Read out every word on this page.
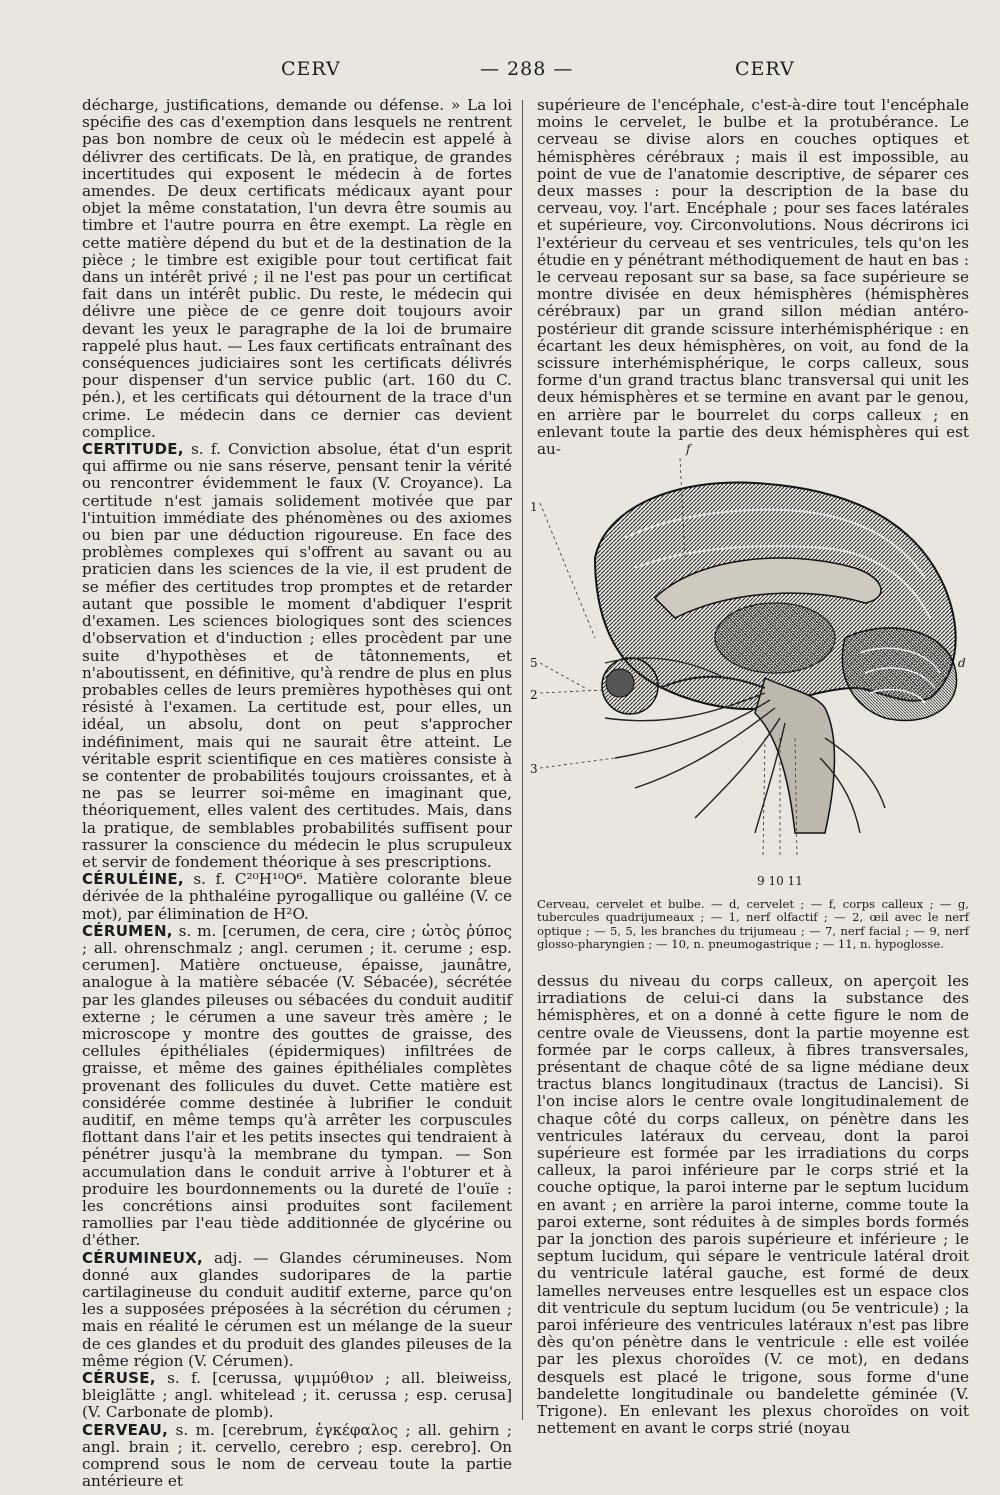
CERV	— 288 —	CERV

décharge, justifications, demande ou défense. » La loi spécifie des cas d'exemption dans lesquels ne rentrent pas bon nombre de ceux où le médecin est appelé à délivrer des certificats. De là, en pratique, de grandes incertitudes qui exposent le médecin à de fortes amendes. De deux certificats médicaux ayant pour objet la même constatation, l'un devra être soumis au timbre et l'autre pourra en être exempt. La règle en cette matière dépend du but et de la destination de la pièce ; le timbre est exigible pour tout certificat fait dans un intérêt privé ; il ne l'est pas pour un certificat fait dans un intérêt public. Du reste, le médecin qui délivre une pièce de ce genre doit toujours avoir devant les yeux le paragraphe de la loi de brumaire rappelé plus haut. — Les faux certificats entraînant des conséquences judiciaires sont les certificats délivrés pour dispenser d'un service public (art. 160 du C. pén.), et les certificats qui détournent de la trace d'un crime. Le médecin dans ce dernier cas devient complice.

CERTITUDE, s. f. Conviction absolue, état d'un esprit qui affirme ou nie sans réserve, pensant tenir la vérité ou rencontrer évidemment le faux (V. Croyance). La certitude n'est jamais solidement motivée que par l'intuition immédiate des phénomènes ou des axiomes ou bien par une déduction rigoureuse. En face des problèmes complexes qui s'offrent au savant ou au praticien dans les sciences de la vie, il est prudent de se méfier des certitudes trop promptes et de retarder autant que possible le moment d'abdiquer l'esprit d'examen. Les sciences biologiques sont des sciences d'observation et d'induction ; elles procèdent par une suite d'hypothèses et de tâtonnements, et n'aboutissent, en définitive, qu'à rendre de plus en plus probables celles de leurs premières hypothèses qui ont résisté à l'examen. La certitude est, pour elles, un idéal, un absolu, dont on peut s'approcher indéfiniment, mais qui ne saurait être atteint. Le véritable esprit scientifique en ces matières consiste à se contenter de probabilités toujours croissantes, et à ne pas se leurrer soi-même en imaginant que, théoriquement, elles valent des certitudes. Mais, dans la pratique, de semblables probabilités suffisent pour rassurer la conscience du médecin le plus scrupuleux et servir de fondement théorique à ses prescriptions.

CÉRULÉINE, s. f. C²⁰H¹⁰O⁶. Matière colorante bleue dérivée de la phthaléine pyrogallique ou galléine (V. ce mot), par élimination de H²O.

CÉRUMEN, s. m. [cerumen, de cera, cire ; ὠτὸς ῥύπος ; all. ohrenschmalz ; angl. cerumen ; it. cerume ; esp. cerumen]. Matière onctueuse, épaisse, jaunâtre, analogue à la matière sébacée (V. Sébacée), sécrétée par les glandes pileuses ou sébacées du conduit auditif externe ; le cérumen a une saveur très amère ; le microscope y montre des gouttes de graisse, des cellules épithéliales (épidermiques) infiltrées de graisse, et même des gaines épithéliales complètes provenant des follicules du duvet. Cette matière est considérée comme destinée à lubrifier le conduit auditif, en même temps qu'à arrêter les corpuscules flottant dans l'air et les petits insectes qui tendraient à pénétrer jusqu'à la membrane du tympan. — Son accumulation dans le conduit arrive à l'obturer et à produire les bourdonnements ou la dureté de l'ouïe : les concrétions ainsi produites sont facilement ramollies par l'eau tiède additionnée de glycérine ou d'éther.

CÉRUMINEUX, adj. — Glandes cérumineuses. Nom donné aux glandes sudoripares de la partie cartilagineuse du conduit auditif externe, parce qu'on les a supposées préposées à la sécrétion du cérumen ; mais en réalité le cérumen est un mélange de la sueur de ces glandes et du produit des glandes pileuses de la même région (V. Cérumen).

CÉRUSE, s. f. [cerussa, ψιμμύθιον ; all. bleiweiss, bleiglätte ; angl. whitelead ; it. cerussa ; esp. cerusa] (V. Carbonate de plomb).

CERVEAU, s. m. [cerebrum, ἐγκέφαλος ; all. gehirn ; angl. brain ; it. cervello, cerebro ; esp. cerebro]. On comprend sous le nom de cerveau toute la partie antérieure et

supérieure de l'encéphale, c'est-à-dire tout l'encéphale moins le cervelet, le bulbe et la protubérance. Le cerveau se divise alors en couches optiques et hémisphères cérébraux ; mais il est impossible, au point de vue de l'anatomie descriptive, de séparer ces deux masses : pour la description de la base du cerveau, voy. l'art. Encéphale ; pour ses faces latérales et supérieure, voy. Circonvolutions. Nous décrirons ici l'extérieur du cerveau et ses ventricules, tels qu'on les étudie en y pénétrant méthodiquement de haut en bas : le cerveau reposant sur sa base, sa face supérieure se montre divisée en deux hémisphères (hémisphères cérébraux) par un grand sillon médian antéro-postérieur dit grande scissure interhémisphérique : en écartant les deux hémisphères, on voit, au fond de la scissure interhémisphérique, le corps calleux, sous forme d'un grand tractus blanc transversal qui unit les deux hémisphères et se termine en avant par le genou, en arrière par le bourrelet du corps calleux ; en enlevant toute la partie des deux hémisphères qui est au-	f
1
5
2
3
d
9 10 11

Cerveau, cervelet et bulbe. — d, cervelet ; — f, corps calleux ; — g, tubercules quadrijumeaux ; — 1, nerf olfactif ; — 2, œil avec le nerf optique ; — 5, 5, les branches du trijumeau ; — 7, nerf facial ; — 9, nerf glosso-pharyngien ; — 10, n. pneumogastrique ; — 11, n. hypoglosse.

dessus du niveau du corps calleux, on aperçoit les irradiations de celui-ci dans la substance des hémisphères, et on a donné à cette figure le nom de centre ovale de Vieussens, dont la partie moyenne est formée par le corps calleux, à fibres transversales, présentant de chaque côté de sa ligne médiane deux tractus blancs longitudinaux (tractus de Lancisi). Si l'on incise alors le centre ovale longitudinalement de chaque côté du corps calleux, on pénètre dans les ventricules latéraux du cerveau, dont la paroi supérieure est formée par les irradiations du corps calleux, la paroi inférieure par le corps strié et la couche optique, la paroi interne par le septum lucidum en avant ; en arrière la paroi interne, comme toute la paroi externe, sont réduites à de simples bords formés par la jonction des parois supérieure et inférieure ; le septum lucidum, qui sépare le ventricule latéral droit du ventricule latéral gauche, est formé de deux lamelles nerveuses entre lesquelles est un espace clos dit ventricule du septum lucidum (ou 5e ventricule) ; la paroi inférieure des ventricules latéraux n'est pas libre dès qu'on pénètre dans le ventricule : elle est voilée par les plexus choroïdes (V. ce mot), en dedans desquels est placé le trigone, sous forme d'une bandelette longitudinale ou bandelette géminée (V. Trigone). En enlevant les plexus choroïdes on voit nettement en avant le corps strié (noyau
